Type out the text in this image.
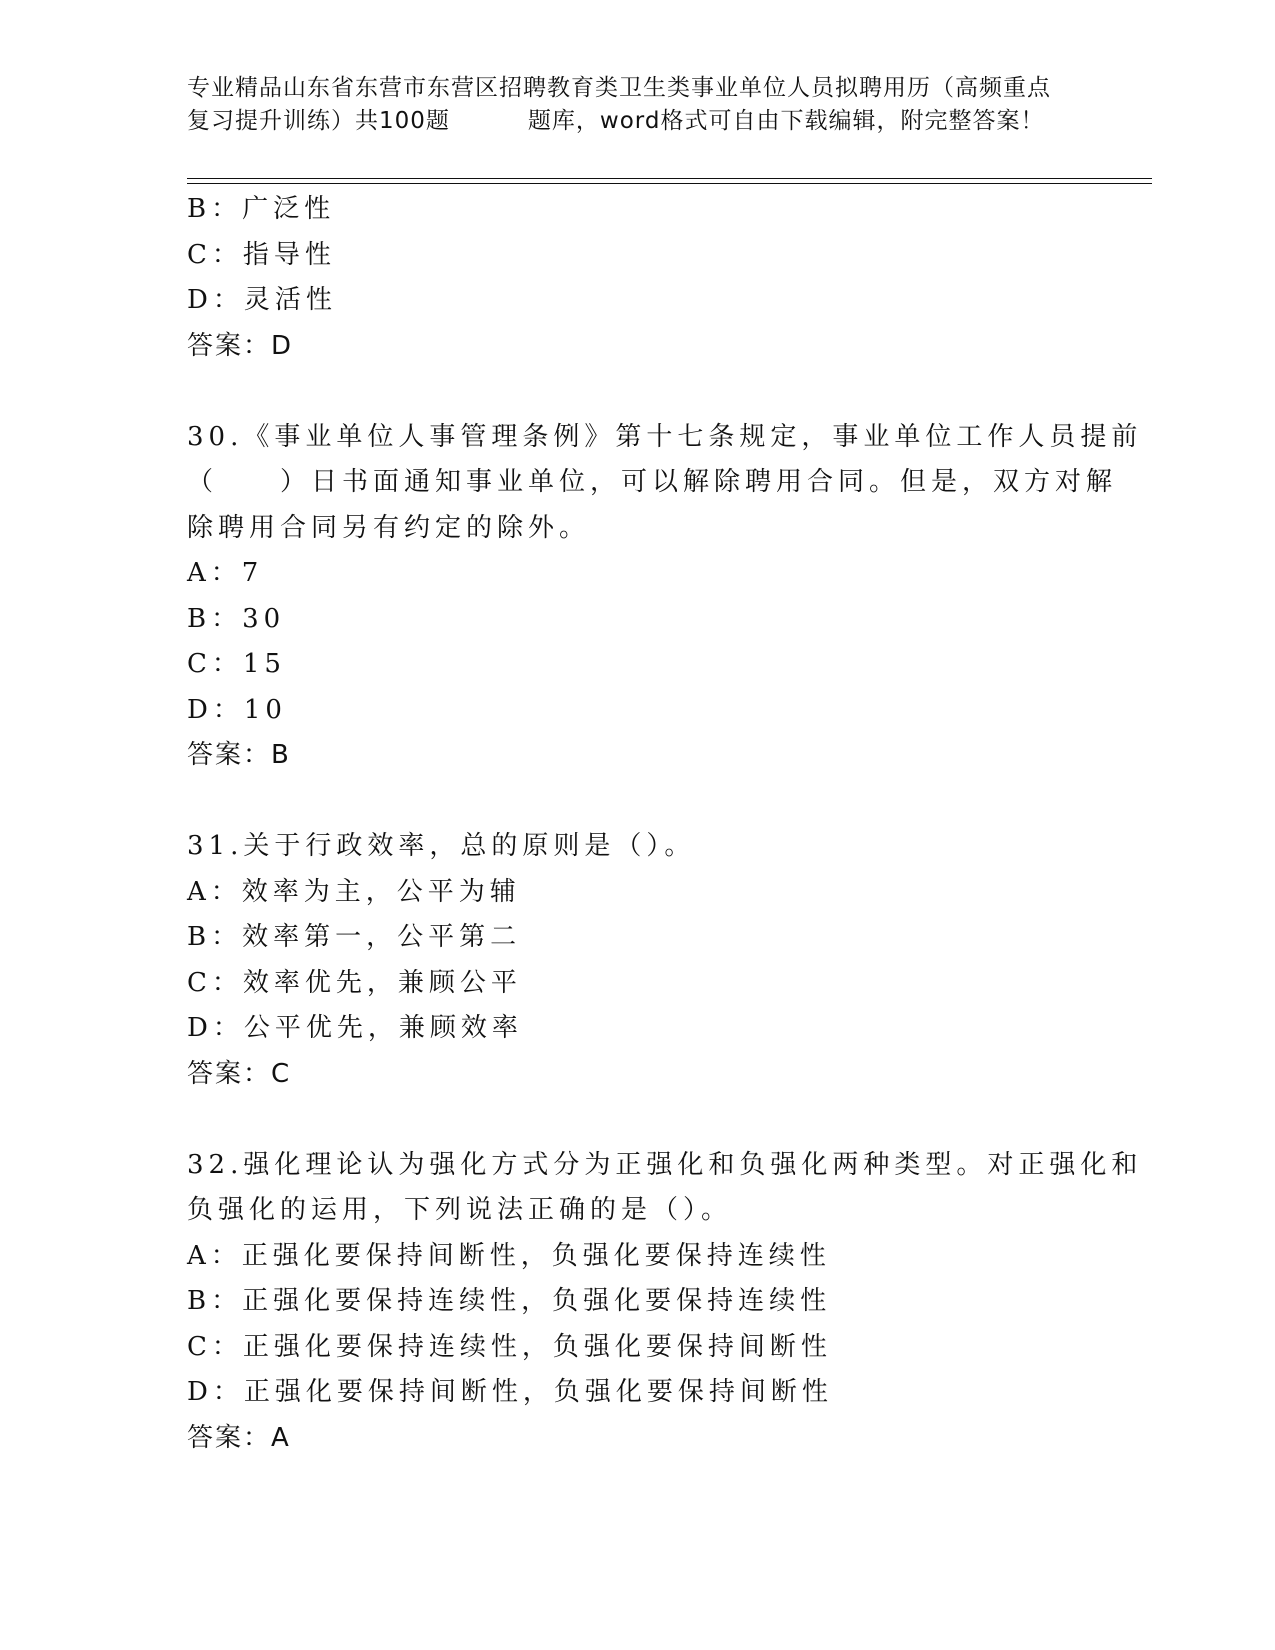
专业精品山东省东营市东营区招聘教育类卫生类事业单位人员拟聘用历（高频重点
复习提升训练）共100题	题库，word格式可自由下载编辑，附完整答案！
B：广泛性
C：指导性
D：灵活性
答案：D
30.《事业单位人事管理条例》第十七条规定，事业单位工作人员提前
（　　）日书面通知事业单位，可以解除聘用合同。但是，双方对解
除聘用合同另有约定的除外。
A：7
B：30
C：15
D：10
答案：B
31.关于行政效率，总的原则是（）。
A：效率为主，公平为辅
B：效率第一，公平第二
C：效率优先，兼顾公平
D：公平优先，兼顾效率
答案：C
32.强化理论认为强化方式分为正强化和负强化两种类型。对正强化和
负强化的运用，下列说法正确的是（）。
A：正强化要保持间断性，负强化要保持连续性
B：正强化要保持连续性，负强化要保持连续性
C：正强化要保持连续性，负强化要保持间断性
D：正强化要保持间断性，负强化要保持间断性
答案：A
